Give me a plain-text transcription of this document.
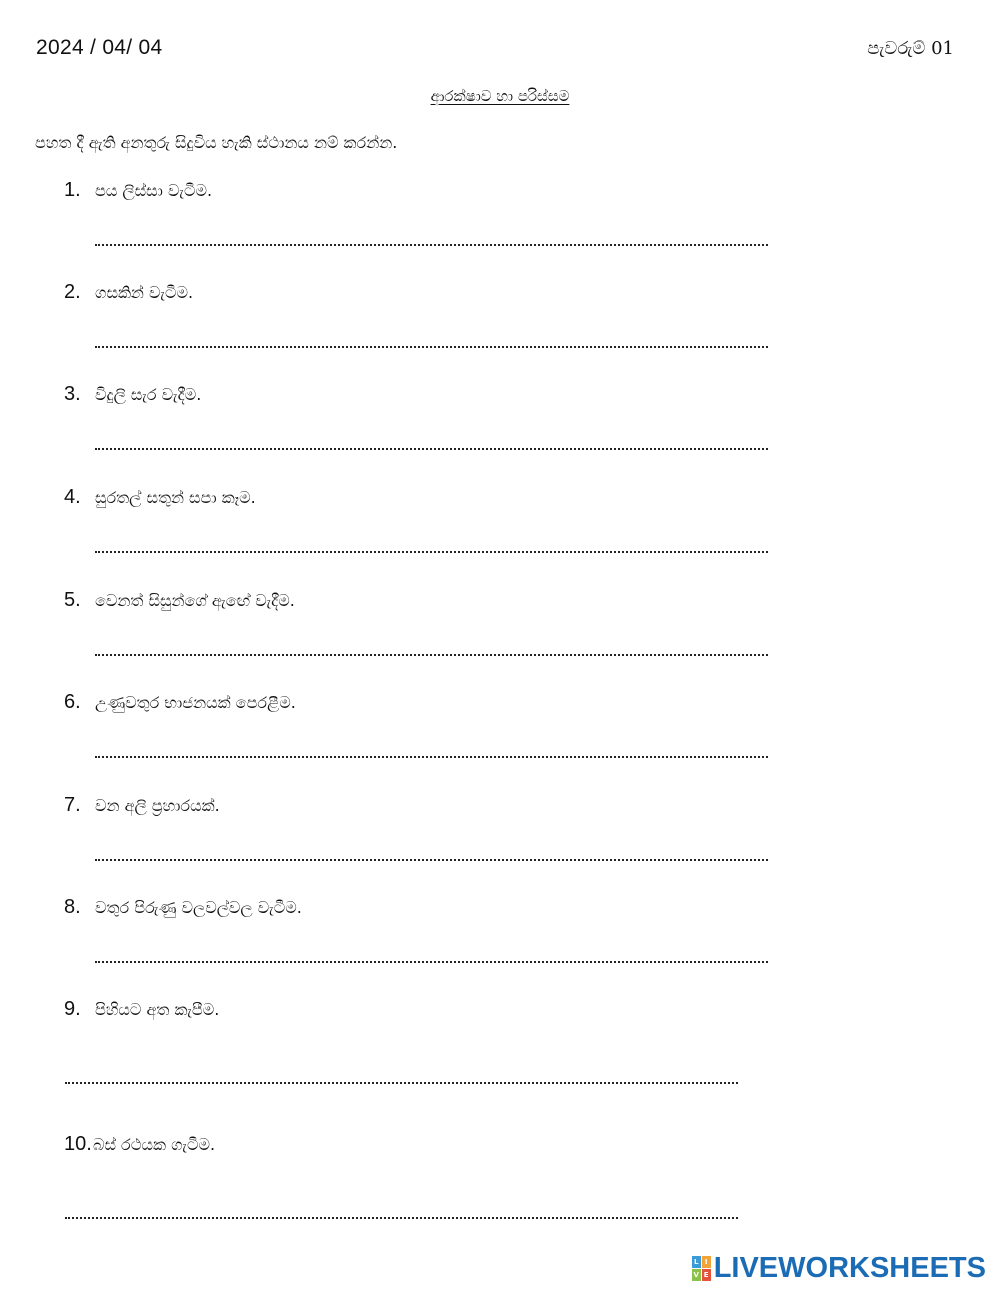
2024 / 04/ 04	පැවරුම් 01
ආරක්ෂාව හා පරිස්සම
පහත දී ඇති අනතුරු සිදුවිය හැකි ස්ථානය නම් කරන්න.
1. පය ලිස්සා වැටීම.
2. ගසකින් වැටීම.
3. විදුලි සැර වැදීම.
4. සුරතල් සතුන් සපා කෑම.
5. වෙනත් සිසුන්ගේ ඇඟේ වැදීම.
6. උණුවතුර භාජනයක් පෙරළීම.
7. වන අලි ප්‍රහාරයක්.
8. වතුර පිරුණු වලවල්වල වැටීම.
9. පිහියට අත කැපීම.
10. බස් රථයක ගැටීම.
L I
V E LIVEWORKSHEETS
